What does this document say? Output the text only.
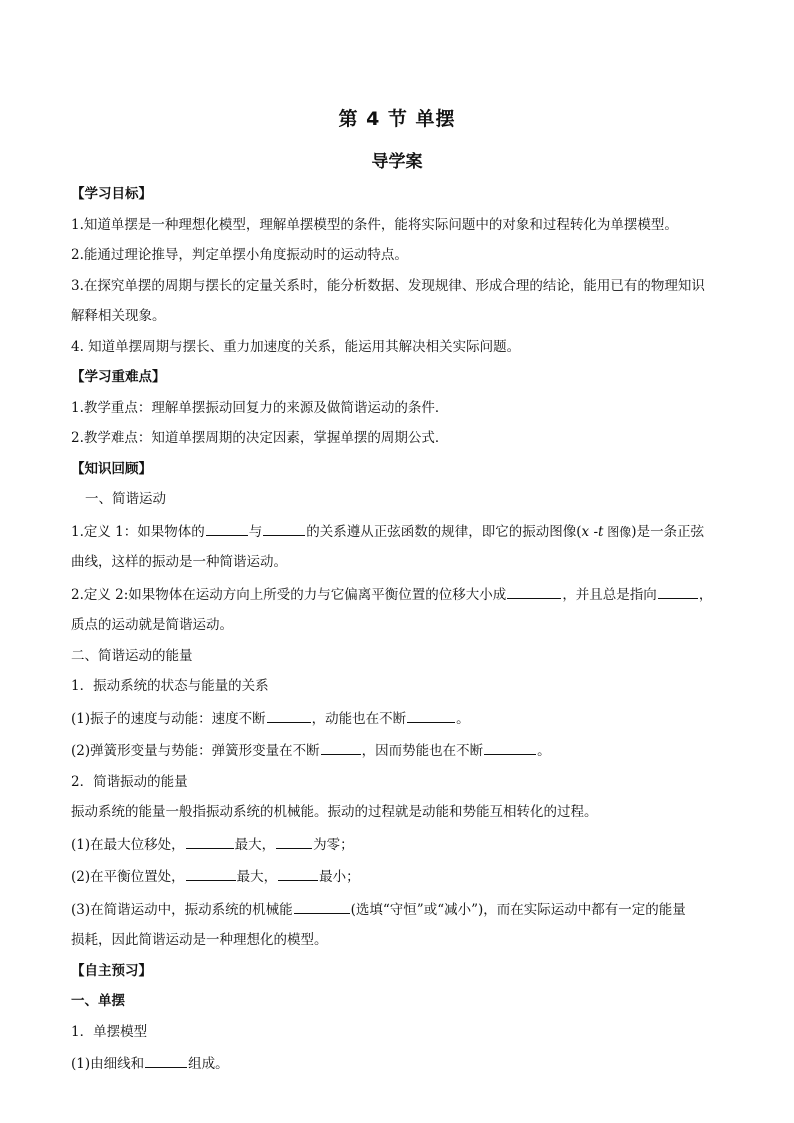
第 4 节 单摆
导学案
【学习目标】
1.知道单摆是一种理想化模型，理解单摆模型的条件，能将实际问题中的对象和过程转化为单摆模型。
2.能通过理论推导，判定单摆小角度振动时的运动特点。
3.在探究单摆的周期与摆长的定量关系时，能分析数据、发现规律、形成合理的结论，能用已有的物理知识
解释相关现象。
4. 知道单摆周期与摆长、重力加速度的关系，能运用其解决相关实际问题。
【学习重难点】
1.教学重点：理解单摆振动回复力的来源及做简谐运动的条件．
2.教学难点：知道单摆周期的决定因素，掌握单摆的周期公式．
【知识回顾】
一、简谐运动
1.定义 1：如果物体的	与	的关系遵从正弦函数的规律，即它的振动图像(x -t 图像)是一条正弦
曲线，这样的振动是一种简谐运动。
2.定义 2:如果物体在运动方向上所受的力与它偏离平衡位置的位移大小成	，并且总是指向	，
质点的运动就是简谐运动。
二、简谐运动的能量
1．振动系统的状态与能量的关系
(1)振子的速度与动能：速度不断	，动能也在不断	。
(2)弹簧形变量与势能：弹簧形变量在不断	，因而势能也在不断	。
2．简谐振动的能量
振动系统的能量一般指振动系统的机械能。振动的过程就是动能和势能互相转化的过程。
(1)在最大位移处，	最大，	为零；
(2)在平衡位置处，	最大，	最小；
(3)在简谐运动中，振动系统的机械能	(选填“守恒”或“减小”)，而在实际运动中都有一定的能量
损耗，因此简谐运动是一种理想化的模型。
【自主预习】
一、单摆
1．单摆模型
(1)由细线和	组成。
